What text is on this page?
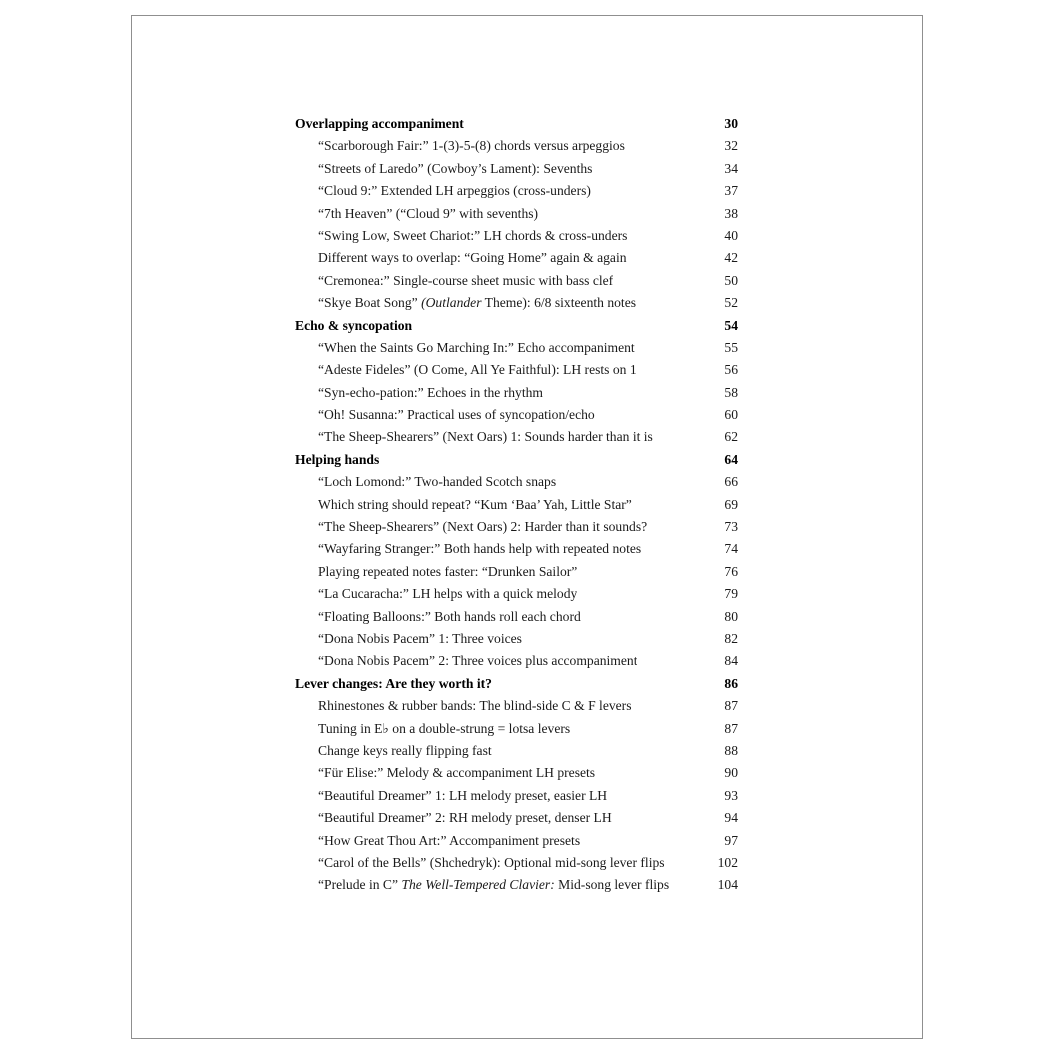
Overlapping accompaniment	30
“Scarborough Fair:” 1-(3)-5-(8) chords versus arpeggios	32
“Streets of Laredo” (Cowboy’s Lament): Sevenths	34
“Cloud 9:” Extended LH arpeggios (cross-unders)	37
“7th Heaven” (“Cloud 9” with sevenths)	38
“Swing Low, Sweet Chariot:” LH chords & cross-unders	40
Different ways to overlap: “Going Home” again & again	42
“Cremonea:” Single-course sheet music with bass clef	50
“Skye Boat Song” (Outlander Theme): 6/8 sixteenth notes	52
Echo & syncopation	54
“When the Saints Go Marching In:” Echo accompaniment	55
“Adeste Fideles” (O Come, All Ye Faithful): LH rests on 1	56
“Syn-echo-pation:” Echoes in the rhythm	58
“Oh! Susanna:” Practical uses of syncopation/echo	60
“The Sheep-Shearers” (Next Oars) 1: Sounds harder than it is	62
Helping hands	64
“Loch Lomond:” Two-handed Scotch snaps	66
Which string should repeat? “Kum ‘Baa’ Yah, Little Star”	69
“The Sheep-Shearers” (Next Oars) 2: Harder than it sounds?	73
“Wayfaring Stranger:” Both hands help with repeated notes	74
Playing repeated notes faster: “Drunken Sailor”	76
“La Cucaracha:” LH helps with a quick melody	79
“Floating Balloons:” Both hands roll each chord	80
“Dona Nobis Pacem” 1: Three voices	82
“Dona Nobis Pacem” 2: Three voices plus accompaniment	84
Lever changes: Are they worth it?	86
Rhinestones & rubber bands: The blind-side C & F levers	87
Tuning in E♭ on a double-strung = lotsa levers	87
Change keys really flipping fast	88
“Für Elise:” Melody & accompaniment LH presets	90
“Beautiful Dreamer” 1: LH melody preset, easier LH	93
“Beautiful Dreamer” 2: RH melody preset, denser LH	94
“How Great Thou Art:” Accompaniment presets	97
“Carol of the Bells” (Shchedryk): Optional mid-song lever flips	102
“Prelude in C” The Well-Tempered Clavier: Mid-song lever flips	104
